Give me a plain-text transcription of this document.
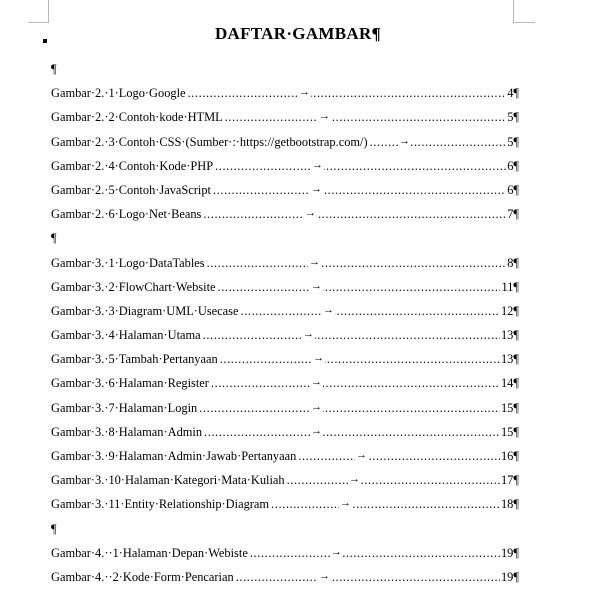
DAFTAR·GAMBAR¶
¶
Gambar·2.·1·Logo·Google .....	4¶
→
Gambar·2.·2·Contoh·kode·HTML .....	5¶
→
Gambar·2.·3·Contoh·CSS·(Sumber·:·https://getbootstrap.com/) .....	5¶
→
Gambar·2.·4·Contoh·Kode·PHP .....	6¶
→
Gambar·2.·5·Contoh·JavaScript .....	6¶
→
Gambar·2.·6·Logo·Net·Beans .....	7¶
→
¶
Gambar·3.·1·Logo·DataTables .....	8¶
→
Gambar·3.·2·FlowChart·Website .....	11¶
→
Gambar·3.·3·Diagram·UML·Usecase .....	12¶
→
Gambar·3.·4·Halaman·Utama .....	13¶
→
Gambar·3.·5·Tambah·Pertanyaan .....	13¶
→
Gambar·3.·6·Halaman·Register .....	14¶
→
Gambar·3.·7·Halaman·Login .....	15¶
→
Gambar·3.·8·Halaman·Admin .....	15¶
→
Gambar·3.·9·Halaman·Admin·Jawab·Pertanyaan .....	16¶
→
Gambar·3.·10·Halaman·Kategori·Mata·Kuliah .....	17¶
→
Gambar·3.·11·Entity·Relationship·Diagram .....	18¶
→
¶
Gambar·4.··1·Halaman·Depan·Webiste .....	19¶
→
Gambar·4.··2·Kode·Form·Pencarian .....	19¶
→
